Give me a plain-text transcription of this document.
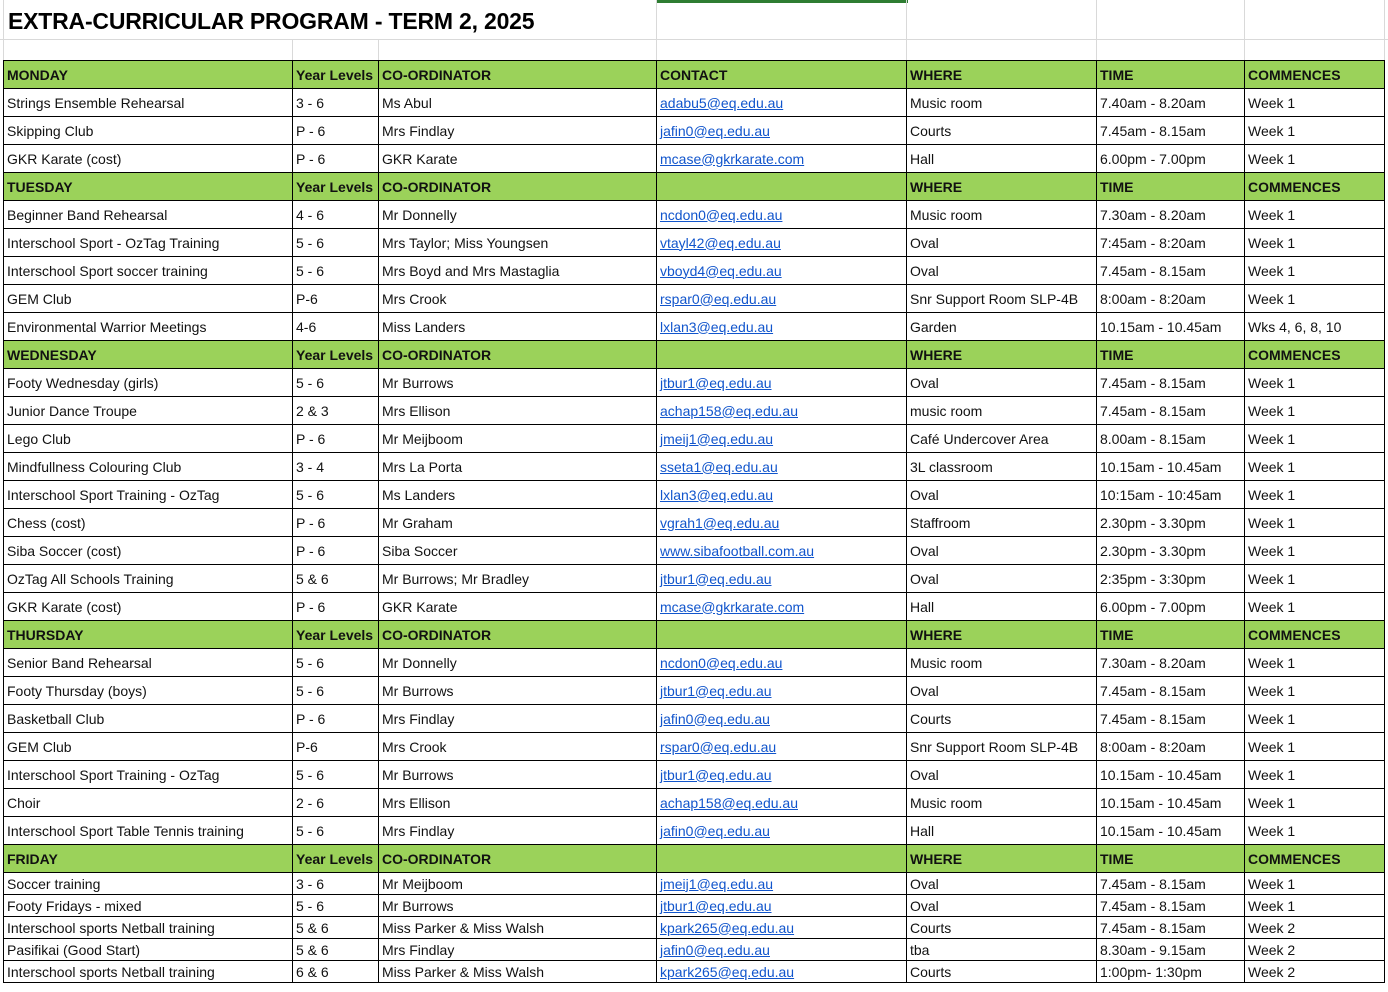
EXTRA-CURRICULAR PROGRAM - TERM 2, 2025
MONDAY	Year Levels	CO-ORDINATOR	CONTACT	WHERE	TIME	COMMENCES
Strings Ensemble Rehearsal	3 - 6	Ms Abul	adabu5@eq.edu.au	Music room	7.40am - 8.20am	Week 1
Skipping Club	P - 6	Mrs Findlay	jafin0@eq.edu.au	Courts	7.45am - 8.15am	Week 1
GKR Karate (cost)	P - 6	GKR Karate	mcase@gkrkarate.com	Hall	6.00pm - 7.00pm	Week 1
TUESDAY	Year Levels	CO-ORDINATOR		WHERE	TIME	COMMENCES
Beginner Band Rehearsal	4 - 6	Mr Donnelly	ncdon0@eq.edu.au	Music room	7.30am - 8.20am	Week 1
Interschool Sport - OzTag Training	5 - 6	Mrs Taylor; Miss Youngsen	vtayl42@eq.edu.au	Oval	7:45am - 8:20am	Week 1
Interschool Sport soccer training	5 - 6	Mrs Boyd and Mrs Mastaglia	vboyd4@eq.edu.au	Oval	7.45am - 8.15am	Week 1
GEM Club	P-6	Mrs Crook	rspar0@eq.edu.au	Snr Support Room SLP-4B	8:00am - 8:20am	Week 1
Environmental Warrior Meetings	4-6	Miss Landers	lxlan3@eq.edu.au	Garden	10.15am - 10.45am	Wks 4, 6, 8, 10
WEDNESDAY	Year Levels	CO-ORDINATOR		WHERE	TIME	COMMENCES
Footy Wednesday (girls)	5 - 6	Mr Burrows	jtbur1@eq.edu.au	Oval	7.45am - 8.15am	Week 1
Junior Dance Troupe	2 & 3	Mrs Ellison	achap158@eq.edu.au	music room	7.45am - 8.15am	Week 1
Lego Club	P - 6	Mr Meijboom	jmeij1@eq.edu.au	Café Undercover Area	8.00am - 8.15am	Week 1
Mindfullness Colouring Club	3 - 4	Mrs La Porta	sseta1@eq.edu.au	3L classroom	10.15am - 10.45am	Week 1
Interschool Sport Training - OzTag	5 - 6	Ms Landers	lxlan3@eq.edu.au	Oval	10:15am - 10:45am	Week 1
Chess (cost)	P - 6	Mr Graham	vgrah1@eq.edu.au	Staffroom	2.30pm - 3.30pm	Week 1
Siba Soccer (cost)	P - 6	Siba Soccer	www.sibafootball.com.au	Oval	2.30pm - 3.30pm	Week 1
OzTag All Schools Training	5 & 6	Mr Burrows; Mr Bradley	jtbur1@eq.edu.au	Oval	2:35pm - 3:30pm	Week 1
GKR Karate (cost)	P - 6	GKR Karate	mcase@gkrkarate.com	Hall	6.00pm - 7.00pm	Week 1
THURSDAY	Year Levels	CO-ORDINATOR		WHERE	TIME	COMMENCES
Senior Band Rehearsal	5 - 6	Mr Donnelly	ncdon0@eq.edu.au	Music room	7.30am - 8.20am	Week 1
Footy Thursday (boys)	5 - 6	Mr Burrows	jtbur1@eq.edu.au	Oval	7.45am - 8.15am	Week 1
Basketball Club	P - 6	Mrs Findlay	jafin0@eq.edu.au	Courts	7.45am - 8.15am	Week 1
GEM Club	P-6	Mrs Crook	rspar0@eq.edu.au	Snr Support Room SLP-4B	8:00am - 8:20am	Week 1
Interschool Sport Training - OzTag	5 - 6	Mr Burrows	jtbur1@eq.edu.au	Oval	10.15am - 10.45am	Week 1
Choir	2 - 6	Mrs Ellison	achap158@eq.edu.au	Music room	10.15am - 10.45am	Week 1
Interschool Sport Table Tennis training	5 - 6	Mrs Findlay	jafin0@eq.edu.au	Hall	10.15am - 10.45am	Week 1
FRIDAY	Year Levels	CO-ORDINATOR		WHERE	TIME	COMMENCES
Soccer training	3 - 6	Mr Meijboom	jmeij1@eq.edu.au	Oval	7.45am - 8.15am	Week 1
Footy Fridays - mixed	5 - 6	Mr Burrows	jtbur1@eq.edu.au	Oval	7.45am - 8.15am	Week 1
Interschool sports Netball training	5 & 6	Miss Parker & Miss Walsh	kpark265@eq.edu.au	Courts	7.45am - 8.15am	Week 2
Pasifikai (Good Start)	5 & 6	Mrs Findlay	jafin0@eq.edu.au	tba	8.30am - 9.15am	Week 2
Interschool sports Netball training	6 & 6	Miss Parker & Miss Walsh	kpark265@eq.edu.au	Courts	1:00pm- 1:30pm	Week 2
